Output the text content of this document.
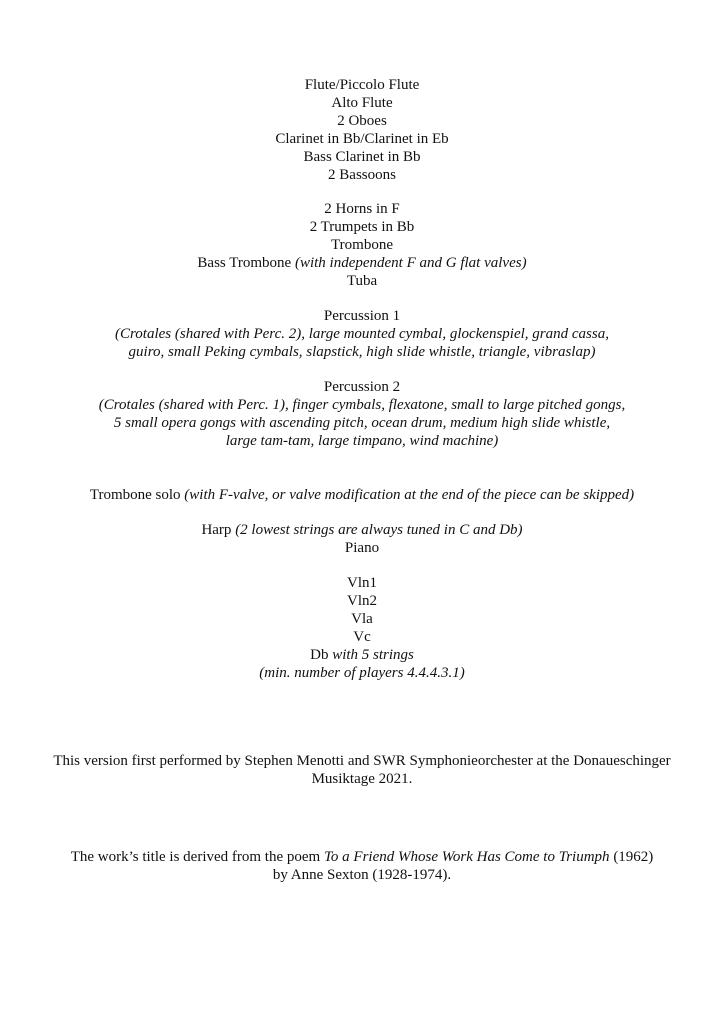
Flute/Piccolo Flute
Alto Flute
2 Oboes
Clarinet in Bb/Clarinet in Eb
Bass Clarinet in Bb
2 Bassoons
2 Horns in F
2 Trumpets in Bb
Trombone
Bass Trombone (with independent F and G flat valves)
Tuba
Percussion 1
(Crotales (shared with Perc. 2), large mounted cymbal, glockenspiel, grand cassa,
guiro, small Peking cymbals, slapstick, high slide whistle, triangle, vibraslap)
Percussion 2
(Crotales (shared with Perc. 1), finger cymbals, flexatone, small to large pitched gongs,
5 small opera gongs with ascending pitch, ocean drum, medium high slide whistle,
large tam-tam, large timpano, wind machine)
Trombone solo (with F-valve, or valve modification at the end of the piece can be skipped)
Harp (2 lowest strings are always tuned in C and Db)
Piano
Vln1
Vln2
Vla
Vc
Db with 5 strings
(min. number of players 4.4.4.3.1)
This version first performed by Stephen Menotti and SWR Symphonieorchester at the Donaueschinger
Musiktage 2021.
The work’s title is derived from the poem To a Friend Whose Work Has Come to Triumph (1962)
by Anne Sexton (1928-1974).
